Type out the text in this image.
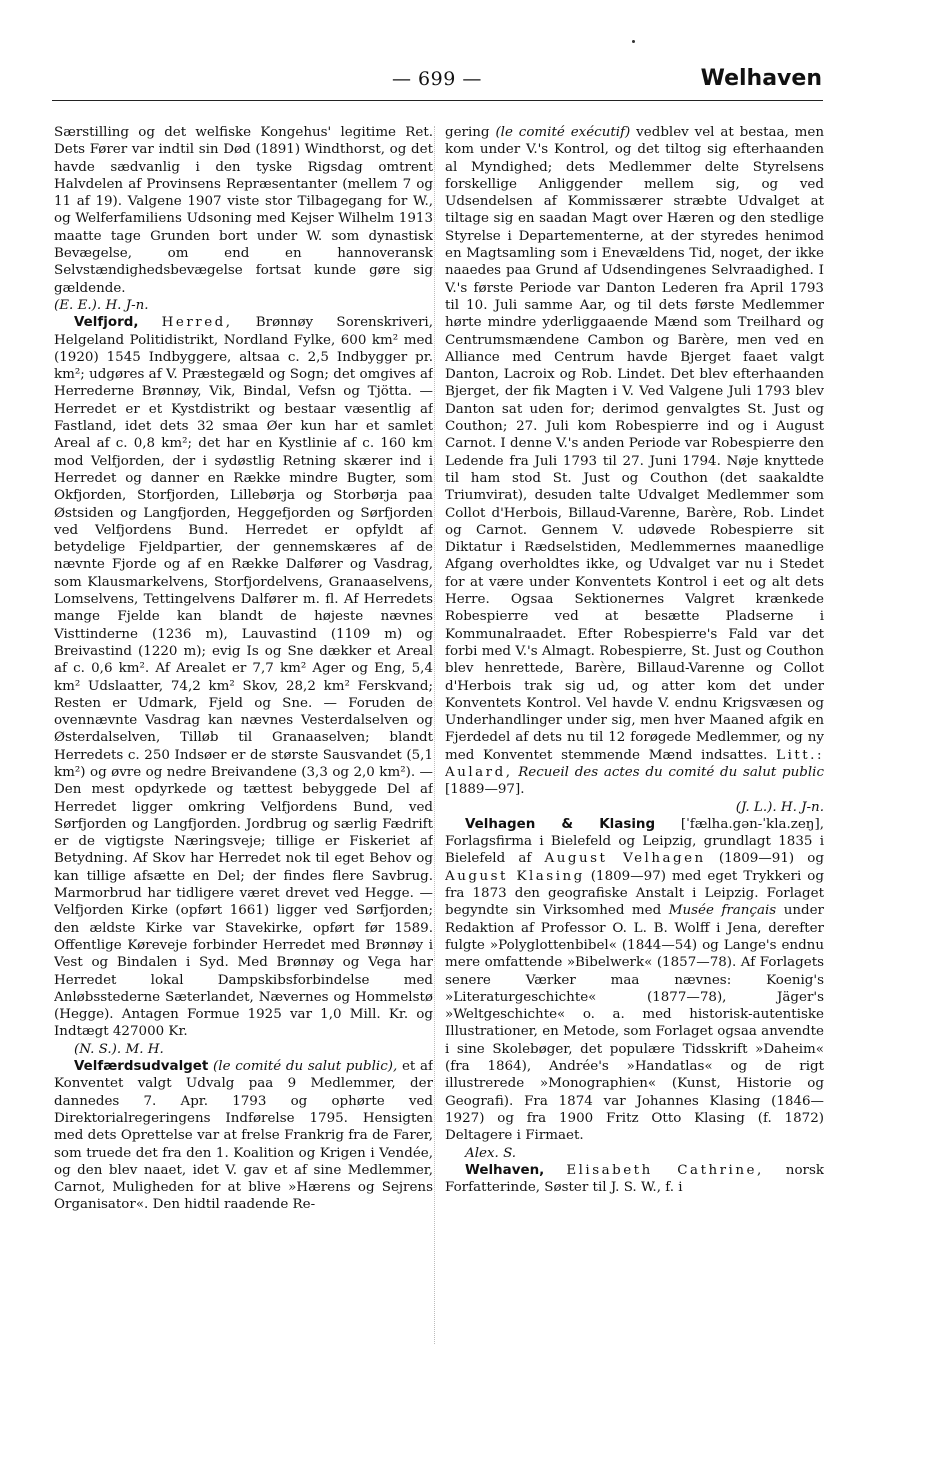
— 699 —	Welhaven

Særstilling og det welfiske Kongehus' legitime Ret. Dets Fører var indtil sin Død (1891) Windthorst, og det havde sædvanlig i den tyske Rigsdag omtrent Halvdelen af Provinsens Repræsentanter (mellem 7 og 11 af 19). Valgene 1907 viste stor Tilbagegang for W., og Welferfamiliens Udsoning med Kejser Wilhelm 1913 maatte tage Grunden bort under W. som dynastisk Bevægelse, om end en hannoveransk Selvstændighedsbevægelse fortsat kunde gøre sig gældende.
(E. E.). H. J-n.

Velfjord, Herred, Brønnøy Sorenskriveri, Helgeland Politidistrikt, Nordland Fylke, 600 km² med (1920) 1545 Indbyggere, altsaa c. 2,5 Indbygger pr. km²; udgøres af V. Præstegæld og Sogn; det omgives af Herrederne Brønnøy, Vik, Bindal, Vefsn og Tjötta. — Herredet er et Kystdistrikt og bestaar væsentlig af Fastland, idet dets 32 smaa Øer kun har et samlet Areal af c. 0,8 km²; det har en Kystlinie af c. 160 km mod Velfjorden, der i sydøstlig Retning skærer ind i Herredet og danner en Række mindre Bugter, som Okfjorden, Storfjorden, Lillebørja og Storbørja paa Østsiden og Langfjorden, Heggefjorden og Sørfjorden ved Velfjordens Bund. Herredet er opfyldt af betydelige Fjeldpartier, der gennemskæres af de nævnte Fjorde og af en Række Dalfører og Vasdrag, som Klausmarkelvens, Storfjordelvens, Granaaselvens, Lomselvens, Tettingelvens Dalfører m. fl. Af Herredets mange Fjelde kan blandt de højeste nævnes Visttinderne (1236 m), Lauvastind (1109 m) og Breivastind (1220 m); evig Is og Sne dækker et Areal af c. 0,6 km². Af Arealet er 7,7 km² Ager og Eng, 5,4 km² Udslaatter, 74,2 km² Skov, 28,2 km² Ferskvand; Resten er Udmark, Fjeld og Sne. — Foruden de ovennævnte Vasdrag kan nævnes Vesterdalselven og Østerdalselven, Tilløb til Granaaselven; blandt Herredets c. 250 Indsøer er de største Sausvandet (5,1 km²) og øvre og nedre Breivandene (3,3 og 2,0 km²). — Den mest opdyrkede og tættest bebyggede Del af Herredet ligger omkring Velfjordens Bund, ved Sørfjorden og Langfjorden. Jordbrug og særlig Fædrift er de vigtigste Næringsveje; tillige er Fiskeriet af Betydning. Af Skov har Herredet nok til eget Behov og kan tillige afsætte en Del; der findes flere Savbrug. Marmorbrud har tidligere været drevet ved Hegge. — Velfjorden Kirke (opført 1661) ligger ved Sørfjorden; den ældste Kirke var Stavekirke, opført før 1589. Offentlige Køreveje forbinder Herredet med Brønnøy i Vest og Bindalen i Syd. Med Brønnøy og Vega har Herredet lokal Dampskibsforbindelse med Anløbsstederne Sæterlandet, Nævernes og Hommelstø (Hegge). Antagen Formue 1925 var 1,0 Mill. Kr. og Indtægt 427000 Kr.
(N. S.). M. H.

Velfærdsudvalget (le comité du salut public), et af Konventet valgt Udvalg paa 9 Medlemmer, der dannedes 7. Apr. 1793 og ophørte ved Direktorialregeringens Indførelse 1795. Hensigten med dets Oprettelse var at frelse Frankrig fra de Farer, som truede det fra den 1. Koalition og Krigen i Vendée, og den blev naaet, idet V. gav et af sine Medlemmer, Carnot, Muligheden for at blive »Hærens og Sejrens Organisator«. Den hidtil raadende Re-

gering (le comité exécutif) vedblev vel at bestaa, men kom under V.'s Kontrol, og det tiltog sig efterhaanden al Myndighed; dets Medlemmer delte Styrelsens forskellige Anliggender mellem sig, og ved Udsendelsen af Kommissærer stræbte Udvalget at tiltage sig en saadan Magt over Hæren og den stedlige Styrelse i Departementerne, at der styredes henimod en Magtsamling som i Enevældens Tid, noget, der ikke naaedes paa Grund af Udsendingenes Selvraadighed. I V.'s første Periode var Danton Lederen fra April 1793 til 10. Juli samme Aar, og til dets første Medlemmer hørte mindre yderliggaaende Mænd som Treilhard og Centrumsmændene Cambon og Barère, men ved en Alliance med Centrum havde Bjerget faaet valgt Danton, Lacroix og Rob. Lindet. Det blev efterhaanden Bjerget, der fik Magten i V. Ved Valgene Juli 1793 blev Danton sat uden for; derimod genvalgtes St. Just og Couthon; 27. Juli kom Robespierre ind og i August Carnot. I denne V.'s anden Periode var Robespierre den Ledende fra Juli 1793 til 27. Juni 1794. Nøje knyttede til ham stod St. Just og Couthon (det saakaldte Triumvirat), desuden talte Udvalget Medlemmer som Collot d'Herbois, Billaud-Varenne, Barère, Rob. Lindet og Carnot. Gennem V. udøvede Robespierre sit Diktatur i Rædselstiden, Medlemmernes maanedlige Afgang overholdtes ikke, og Udvalget var nu i Stedet for at være under Konventets Kontrol i eet og alt dets Herre. Ogsaa Sektionernes Valgret krænkede Robespierre ved at besætte Pladserne i Kommunalraadet. Efter Robespierre's Fald var det forbi med V.'s Almagt. Robespierre, St. Just og Couthon blev henrettede, Barère, Billaud-Varenne og Collot d'Herbois trak sig ud, og atter kom det under Konventets Kontrol. Vel havde V. endnu Krigsvæsen og Underhandlinger under sig, men hver Maaned afgik en Fjerdedel af dets nu til 12 forøgede Medlemmer, og ny med Konventet stemmende Mænd indsattes. Litt.: Aulard, Recueil des actes du comité du salut public [1889—97].
(J. L.). H. J-n.

Velhagen & Klasing [ˈfælha.gən-ˈkla.zeŋ], Forlagsfirma i Bielefeld og Leipzig, grundlagt 1835 i Bielefeld af August Velhagen (1809—91) og August Klasing (1809—97) med eget Trykkeri og fra 1873 den geografiske Anstalt i Leipzig. Forlaget begyndte sin Virksomhed med Musée français under Redaktion af Professor O. L. B. Wolff i Jena, derefter fulgte »Polyglottenbibel« (1844—54) og Lange's endnu mere omfattende »Bibelwerk« (1857—78). Af Forlagets senere Værker maa nævnes: Koenig's »Literaturgeschichte« (1877—78), Jäger's »Weltgeschichte« o. a. med historisk-autentiske Illustrationer, en Metode, som Forlaget ogsaa anvendte i sine Skolebøger, det populære Tidsskrift »Daheim« (fra 1864), Andrée's »Handatlas« og de rigt illustrerede »Monographien« (Kunst, Historie og Geografi). Fra 1874 var Johannes Klasing (1846—1927) og fra 1900 Fritz Otto Klasing (f. 1872) Deltagere i Firmaet.
Alex. S.

Welhaven, Elisabeth Cathrine, norsk Forfatterinde, Søster til J. S. W., f. i
